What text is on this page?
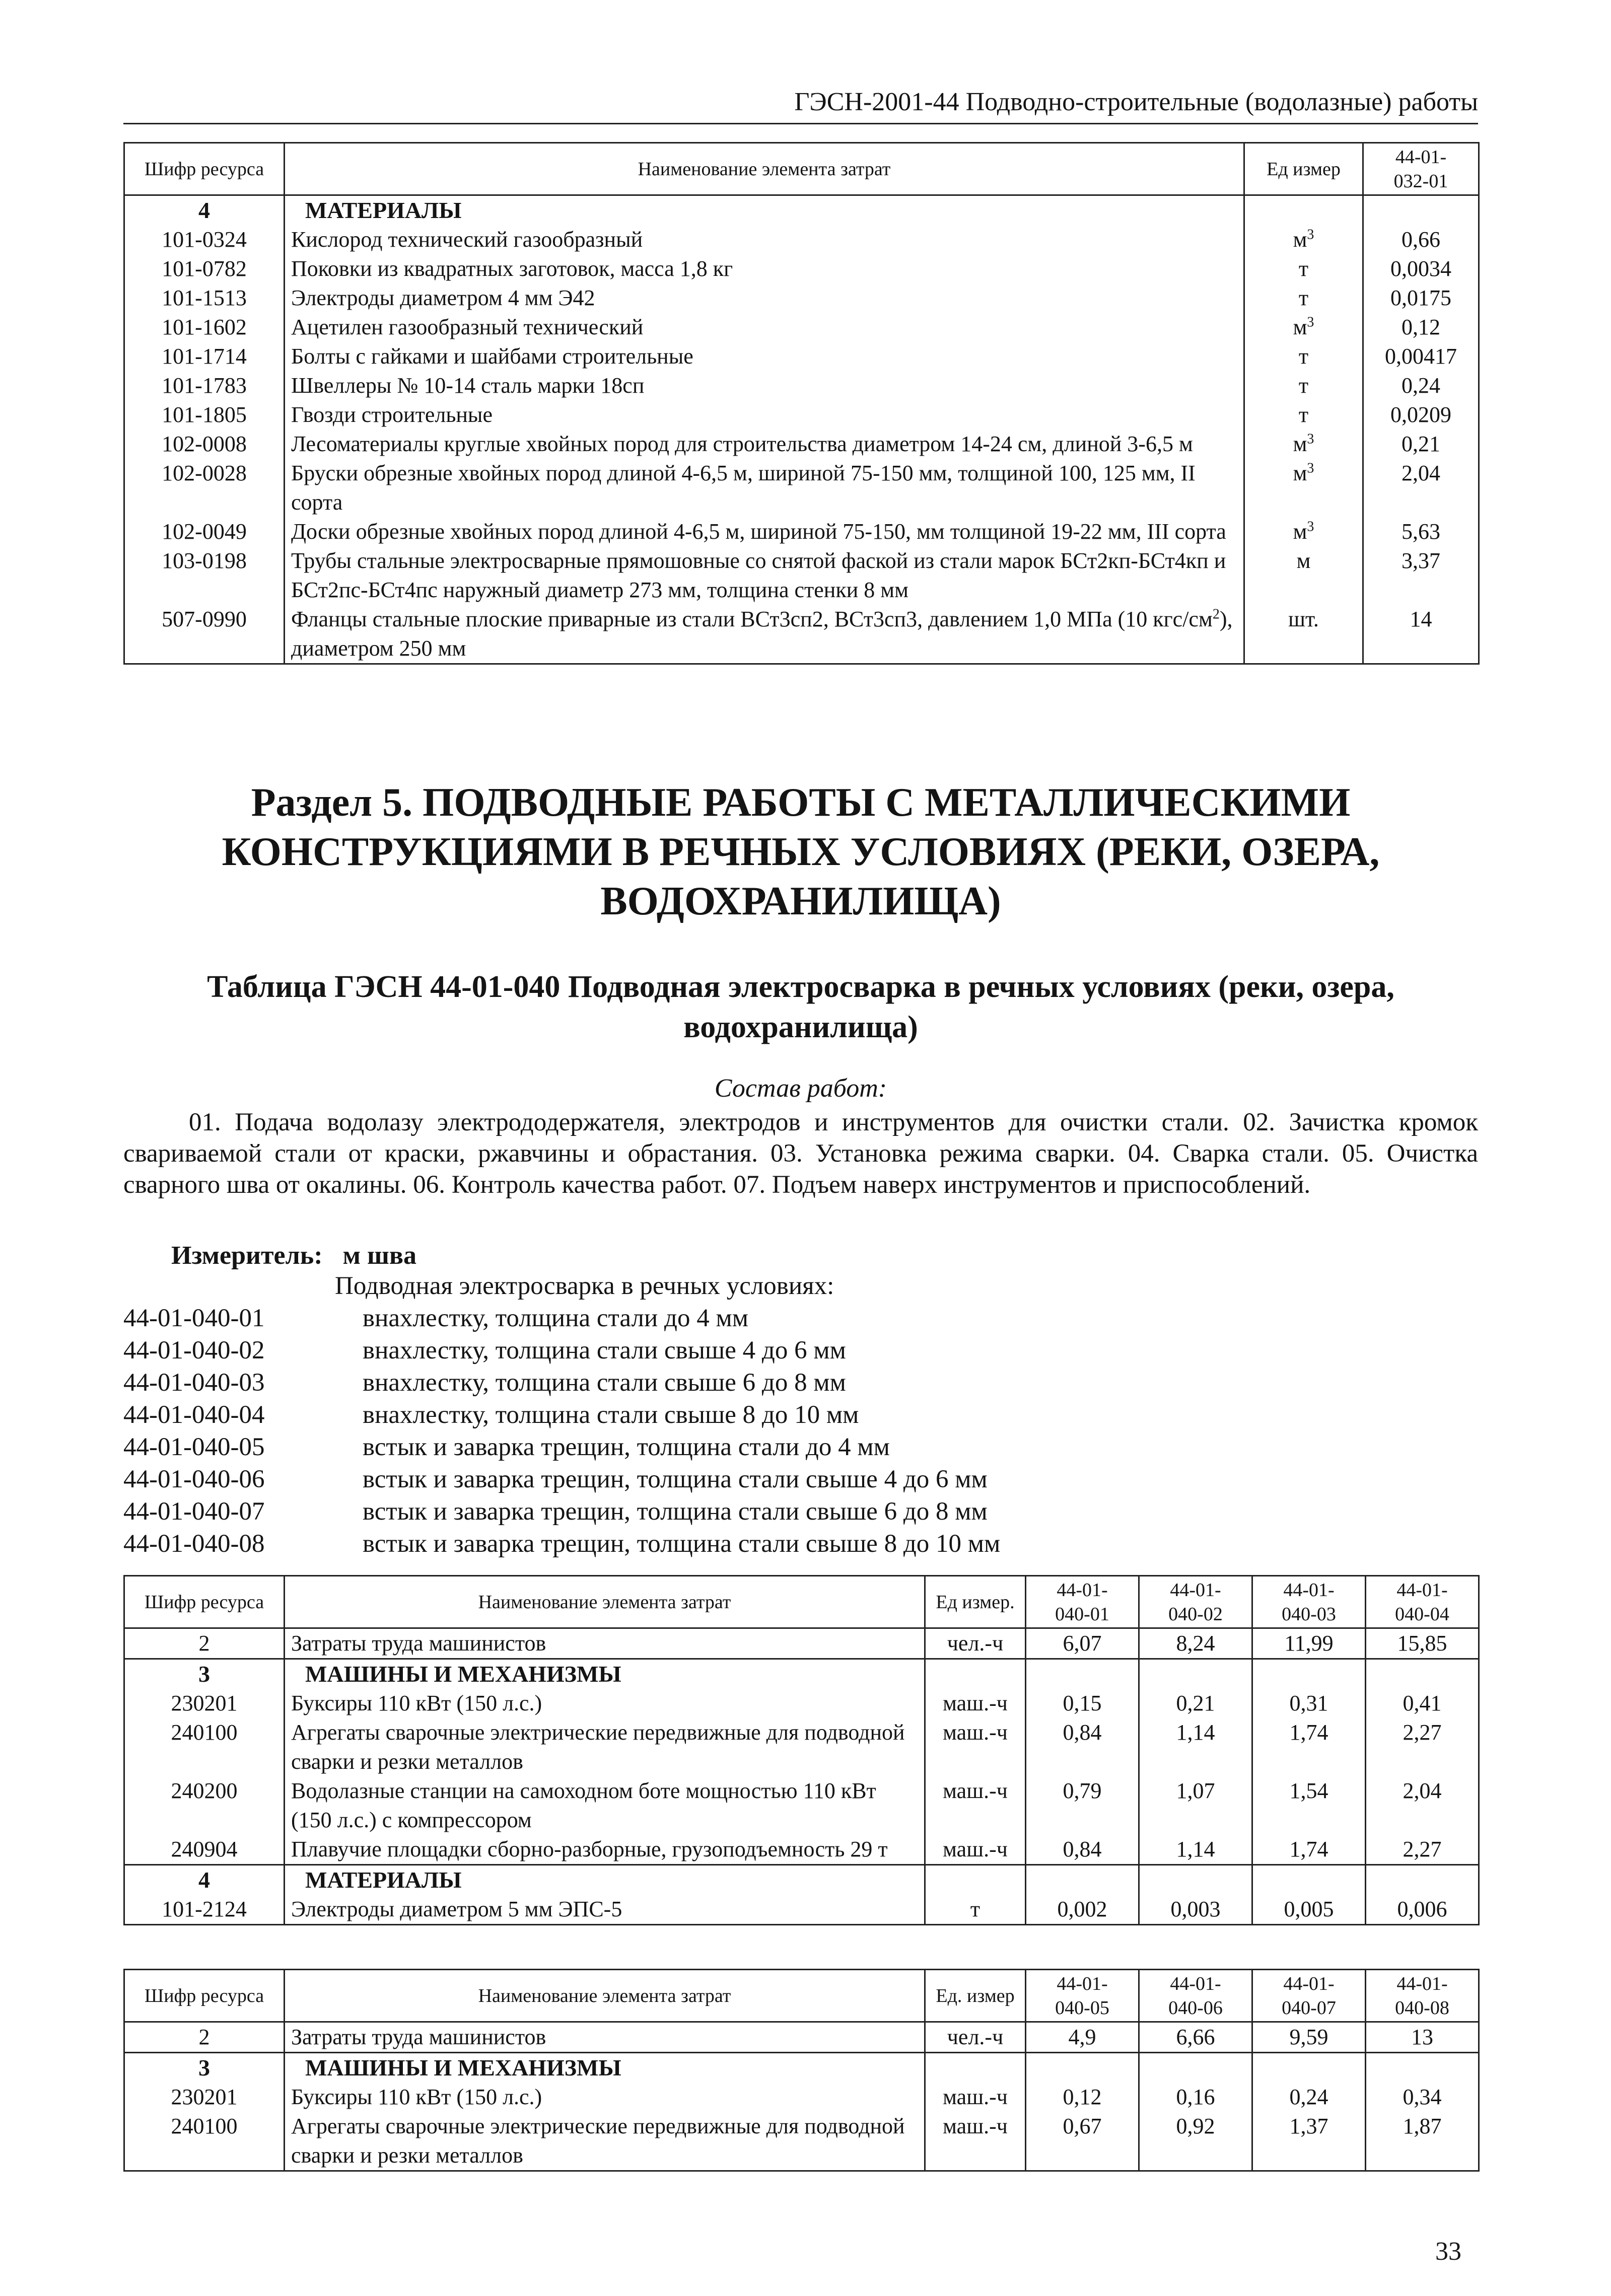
ГЭСН-2001-44 Подводно-строительные (водолазные) работы
Шифр ресурса	Наименование элемента затрат	Ед измер	44-01-
032-01
4	МАТЕРИАЛЫ		
101-0324	Кислород технический газообразный	$м^3$	0,66
101-0782	Поковки из квадратных заготовок, масса 1,8 кг	т	0,0034
101-1513	Электроды диаметром 4 мм Э42	т	0,0175
101-1602	Ацетилен газообразный технический	$м^3$	0,12
101-1714	Болты с гайками и шайбами строительные	т	0,00417
101-1783	Швеллеры № 10-14 сталь марки 18сп	т	0,24
101-1805	Гвозди строительные	т	0,0209
102-0008	Лесоматериалы круглые хвойных пород для строительства диаметром 14-24 см, длиной 3-6,5 м	$м^3$	0,21
102-0028	Бруски обрезные хвойных пород длиной 4-6,5 м, шириной 75-150 мм, толщиной 100, 125 мм, II сорта	$м^3$	2,04
102-0049	Доски обрезные хвойных пород длиной 4-6,5 м, шириной 75-150, мм толщиной 19-22 мм, III сорта	$м^3$	5,63
103-0198	Трубы стальные электросварные прямошовные со снятой фаской из стали марок БСт2кп-БСт4кп и БСт2пс-БСт4пс наружный диаметр 273 мм, толщина стенки 8 мм	м	3,37
507-0990	Фланцы стальные плоские приварные из стали ВСт3сп2, ВСт3сп3, давлением 1,0 МПа (10 кгс/$см^2$), диаметром 250 мм	шт.	14
Раздел 5. ПОДВОДНЫЕ РАБОТЫ С МЕТАЛЛИЧЕСКИМИ КОНСТРУКЦИЯМИ В РЕЧНЫХ УСЛОВИЯХ (РЕКИ, ОЗЕРА, ВОДОХРАНИЛИЩА)
Таблица ГЭСН 44-01-040 Подводная электросварка в речных условиях (реки, озера, водохранилища)
Состав работ:
01. Подача водолазу электрододержателя, электродов и инструментов для очистки стали. 02. Зачистка кромок свариваемой стали от краски, ржавчины и обрастания. 03. Установка режима сварки. 04. Сварка стали. 05. Очистка сварного шва от окалины. 06. Контроль качества работ. 07. Подъем наверх инструментов и приспособлений.
Измеритель: м шва
Подводная электросварка в речных условиях:
44-01-040-01	внахлестку, толщина стали до 4 мм
44-01-040-02	внахлестку, толщина стали свыше 4 до 6 мм
44-01-040-03	внахлестку, толщина стали свыше 6 до 8 мм
44-01-040-04	внахлестку, толщина стали свыше 8 до 10 мм
44-01-040-05	встык и заварка трещин, толщина стали до 4 мм
44-01-040-06	встык и заварка трещин, толщина стали свыше 4 до 6 мм
44-01-040-07	встык и заварка трещин, толщина стали свыше 6 до 8 мм
44-01-040-08	встык и заварка трещин, толщина стали свыше 8 до 10 мм
Шифр ресурса	Наименование элемента затрат	Ед измер.	44-01-
040-01	44-01-
040-02	44-01-
040-03	44-01-
040-04
2	Затраты труда машинистов	чел.-ч	6,07	8,24	11,99	15,85
3	МАШИНЫ И МЕХАНИЗМЫ					
230201	Буксиры 110 кВт (150 л.с.)	маш.-ч	0,15	0,21	0,31	0,41
240100	Агрегаты сварочные электрические передвижные для подводной сварки и резки металлов	маш.-ч	0,84	1,14	1,74	2,27
240200	Водолазные станции на самоходном боте мощностью 110 кВт (150 л.с.) с компрессором	маш.-ч	0,79	1,07	1,54	2,04
240904	Плавучие площадки сборно-разборные, грузоподъемность 29 т	маш.-ч	0,84	1,14	1,74	2,27
4	МАТЕРИАЛЫ					
101-2124	Электроды диаметром 5 мм ЭПС-5	т	0,002	0,003	0,005	0,006
Шифр ресурса	Наименование элемента затрат	Ед. измер	44-01-
040-05	44-01-
040-06	44-01-
040-07	44-01-
040-08
2	Затраты труда машинистов	чел.-ч	4,9	6,66	9,59	13
3	МАШИНЫ И МЕХАНИЗМЫ					
230201	Буксиры 110 кВт (150 л.с.)	маш.-ч	0,12	0,16	0,24	0,34
240100	Агрегаты сварочные электрические передвижные для подводной сварки и резки металлов	маш.-ч	0,67	0,92	1,37	1,87
33
